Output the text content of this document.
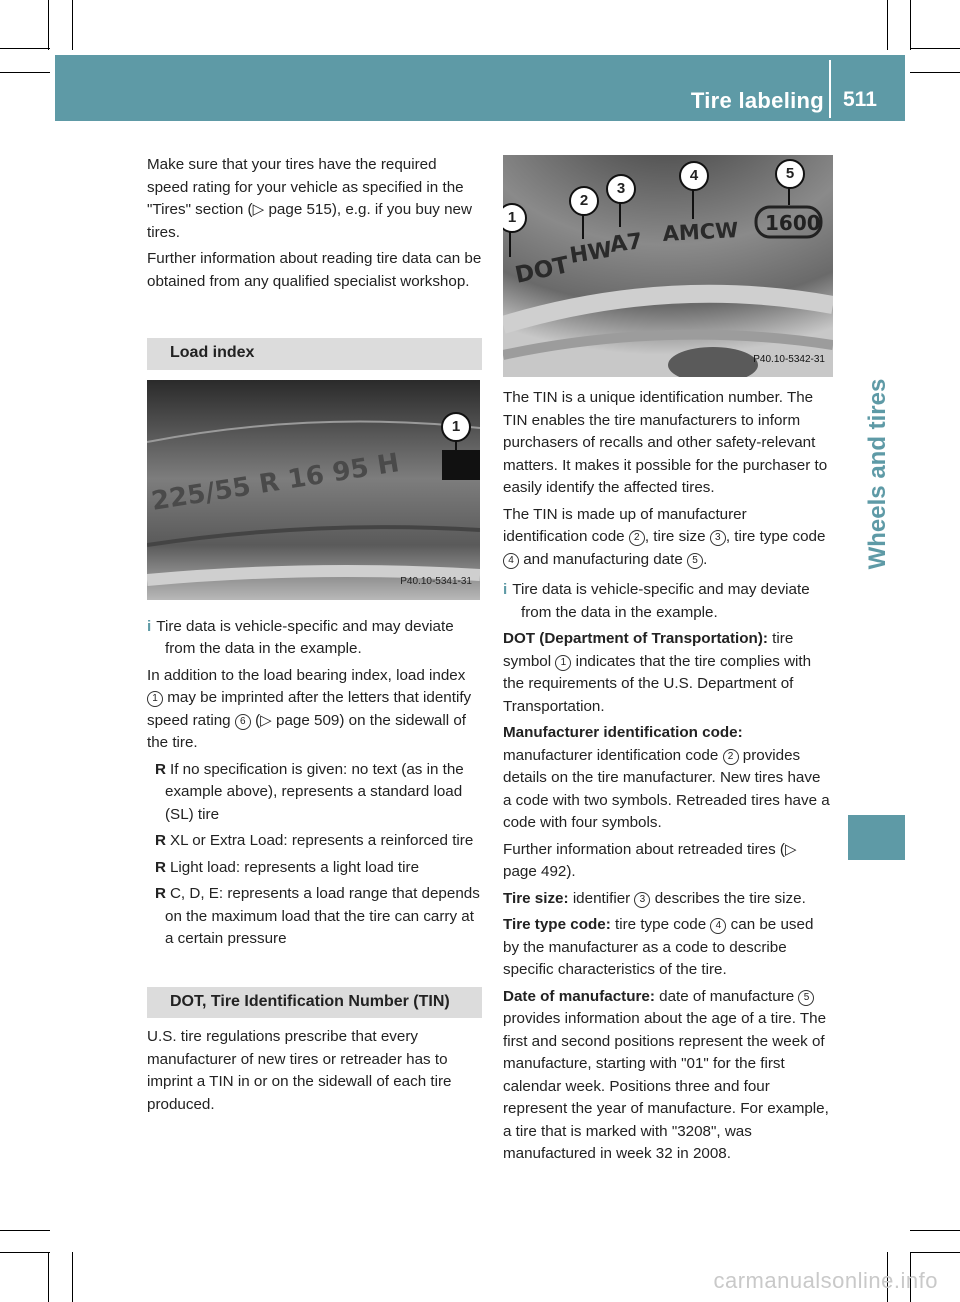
Tire labeling 511
Wheels and tires

Make sure that your tires have the required speed rating for your vehicle as specified in the "Tires" section (▷ page 515), e.g. if you buy new tires.

Further information about reading tire data can be obtained from any qualified specialist workshop.

Load index
225/55 R 16 95 H
1
P40.10-5341-31

i Tire data is vehicle-specific and may deviate from the data in the example.

In addition to the load bearing index, load index 1 may be imprinted after the letters that identify speed rating 6 (▷ page 509) on the sidewall of the tire.

R If no specification is given: no text (as in the example above), represents a standard load (SL) tire

R XL or Extra Load: represents a reinforced tire

R Light load: represents a light load tire

R C, D, E: represents a load range that depends on the maximum load that the tire can carry at a certain pressure

DOT, Tire Identification Number (TIN)

U.S. tire regulations prescribe that every manufacturer of new tires or retreader has to imprint a TIN in or on the sidewall of each tire produced.

DOT
HW
A7 AMCW 1600
1
2
3
4	5
P40.10-5342-31

The TIN is a unique identification number. The TIN enables the tire manufacturers to inform purchasers of recalls and other safety-relevant matters. It makes it possible for the purchaser to easily identify the affected tires.

The TIN is made up of manufacturer identification code 2 , tire size 3 , tire type code 4 and manufacturing date 5 .

i Tire data is vehicle-specific and may deviate from the data in the example.

DOT (Department of Transportation): tire symbol 1 indicates that the tire complies with the requirements of the U.S. Department of Transportation.

Manufacturer identification code: manufacturer identification code 2 provides details on the tire manufacturer. New tires have a code with two symbols. Retreaded tires have a code with four symbols.

Further information about retreaded tires (▷ page 492).

Tire size: identifier 3 describes the tire size.

Tire type code: tire type code 4 can be used by the manufacturer as a code to describe specific characteristics of the tire.

Date of manufacture: date of manufacture 5 provides information about the age of a tire. The first and second positions represent the week of manufacture, starting with "01" for the first calendar week. Positions three and four represent the year of manufacture. For example, a tire that is marked with "3208", was manufactured in week 32 in 2008.

carmanualsonline.info
